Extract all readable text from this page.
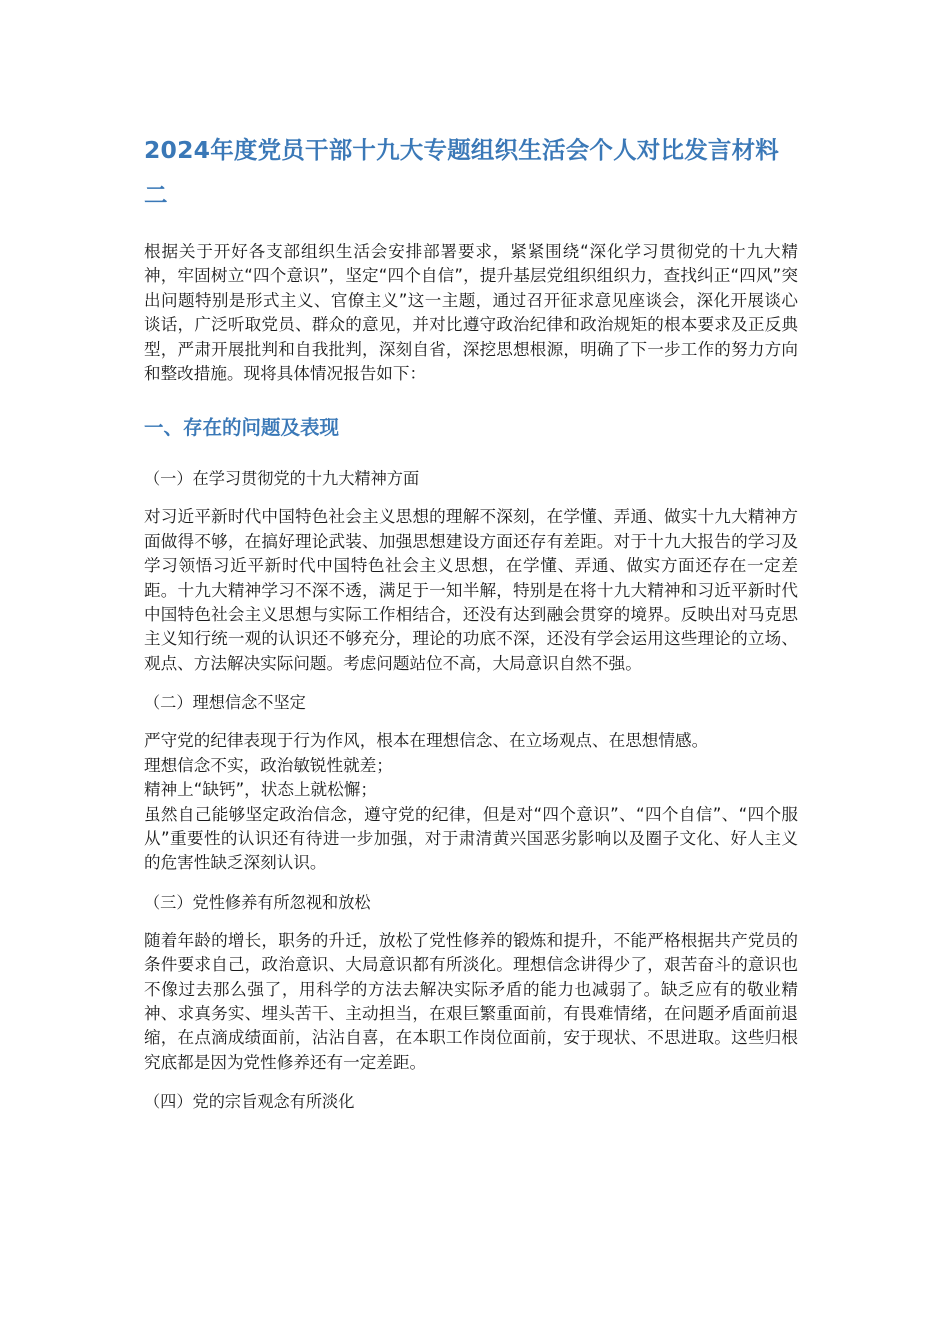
2024年度党员干部十九大专题组织生活会个人对比发言材料二

根据关于开好各支部组织生活会安排部署要求，紧紧围绕“深化学习贯彻党的十九大精神，牢固树立“四个意识”，坚定“四个自信”，提升基层党组织组织力，查找纠正“四风”突出问题特别是形式主义、官僚主义”这一主题，通过召开征求意见座谈会，深化开展谈心谈话，广泛听取党员、群众的意见，并对比遵守政治纪律和政治规矩的根本要求及正反典型，严肃开展批判和自我批判，深刻自省，深挖思想根源，明确了下一步工作的努力方向和整改措施。现将具体情况报告如下：

一、存在的问题及表现
（一）在学习贯彻党的十九大精神方面

对习近平新时代中国特色社会主义思想的理解不深刻，在学懂、弄通、做实十九大精神方面做得不够，在搞好理论武装、加强思想建设方面还存有差距。对于十九大报告的学习及学习领悟习近平新时代中国特色社会主义思想，在学懂、弄通、做实方面还存在一定差距。十九大精神学习不深不透，满足于一知半解，特别是在将十九大精神和习近平新时代中国特色社会主义思想与实际工作相结合，还没有达到融会贯穿的境界。反映出对马克思主义知行统一观的认识还不够充分，理论的功底不深，还没有学会运用这些理论的立场、观点、方法解决实际问题。考虑问题站位不高，大局意识自然不强。

（二）理想信念不坚定
严守党的纪律表现于行为作风，根本在理想信念、在立场观点、在思想情感。
理想信念不实，政治敏锐性就差；
精神上“缺钙”，状态上就松懈；
虽然自己能够坚定政治信念，遵守党的纪律，但是对“四个意识”、“四个自信”、“四个服从”重要性的认识还有待进一步加强，对于肃清黄兴国恶劣影响以及圈子文化、好人主义的危害性缺乏深刻认识。
（三）党性修养有所忽视和放松

随着年龄的增长，职务的升迁，放松了党性修养的锻炼和提升，不能严格根据共产党员的条件要求自己，政治意识、大局意识都有所淡化。理想信念讲得少了，艰苦奋斗的意识也不像过去那么强了，用科学的方法去解决实际矛盾的能力也减弱了。缺乏应有的敬业精神、求真务实、埋头苦干、主动担当，在艰巨繁重面前，有畏难情绪，在问题矛盾面前退缩，在点滴成绩面前，沾沾自喜，在本职工作岗位面前，安于现状、不思进取。这些归根究底都是因为党性修养还有一定差距。

（四）党的宗旨观念有所淡化
